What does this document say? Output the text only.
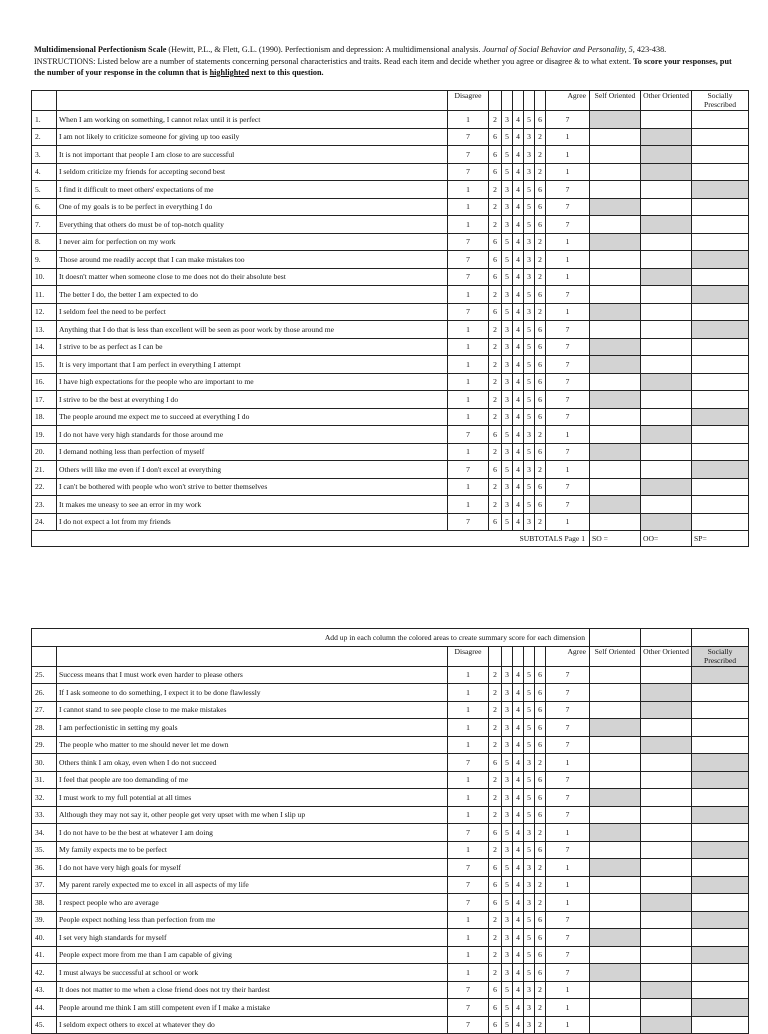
Multidimensional Perfectionism Scale (Hewitt, P.L., & Flett, G.L. (1990). Perfectionism and depression: A multidimensional analysis. Journal of Social Behavior and Personality, 5, 423-438.

INSTRUCTIONS: Listed below are a number of statements concerning personal characteristics and traits. Read each item and decide whether you agree or disagree & to what extent. To score your responses, put the number of your response in the column that is highlighted next to this question.

		Disagree						Agree	Self Oriented	Other Oriented	Socially Prescribed
1.	When I am working on something, I cannot relax until it is perfect	1	2	3	4	5	6	7			
2.	I am not likely to criticize someone for giving up too easily	7	6	5	4	3	2	1			
3.	It is not important that people I am close to are successful	7	6	5	4	3	2	1			
4.	I seldom criticize my friends for accepting second best	7	6	5	4	3	2	1			
5.	I find it difficult to meet others' expectations of me	1	2	3	4	5	6	7			
6.	One of my goals is to be perfect in everything I do	1	2	3	4	5	6	7			
7.	Everything that others do must be of top-notch quality	1	2	3	4	5	6	7			
8.	I never aim for perfection on my work	7	6	5	4	3	2	1			
9.	Those around me readily accept that I can make mistakes too	7	6	5	4	3	2	1			
10.	It doesn't matter when someone close to me does not do their absolute best	7	6	5	4	3	2	1			
11.	The better I do, the better I am expected to do	1	2	3	4	5	6	7			
12.	I seldom feel the need to be perfect	7	6	5	4	3	2	1			
13.	Anything that I do that is less than excellent will be seen as poor work by those around me	1	2	3	4	5	6	7			
14.	I strive to be as perfect as I can be	1	2	3	4	5	6	7			
15.	It is very important that I am perfect in everything I attempt	1	2	3	4	5	6	7			
16.	I have high expectations for the people who are important to me	1	2	3	4	5	6	7			
17.	I strive to be the best at everything I do	1	2	3	4	5	6	7			
18.	The people around me expect me to succeed at everything I do	1	2	3	4	5	6	7			
19.	I do not have very high standards for those around me	7	6	5	4	3	2	1			
20.	I demand nothing less than perfection of myself	1	2	3	4	5	6	7			
21.	Others will like me even if I don't excel at everything	7	6	5	4	3	2	1			
22.	I can't be bothered with people who won't strive to better themselves	1	2	3	4	5	6	7			
23.	It makes me uneasy to see an error in my work	1	2	3	4	5	6	7			
24.	I do not expect a lot from my friends	7	6	5	4	3	2	1			
SUBTOTALS Page 1									SO =	OO=	SP=
Add up in each column the colored areas to create summary score for each dimension											
		Disagree						Agree	Self Oriented	Other Oriented	Socially Prescribed
25.	Success means that I must work even harder to please others	1	2	3	4	5	6	7			
26.	If I ask someone to do something, I expect it to be done flawlessly	1	2	3	4	5	6	7			
27.	I cannot stand to see people close to me make mistakes	1	2	3	4	5	6	7			
28.	I am perfectionistic in setting my goals	1	2	3	4	5	6	7			
29.	The people who matter to me should never let me down	1	2	3	4	5	6	7			
30.	Others think I am okay, even when I do not succeed	7	6	5	4	3	2	1			
31.	I feel that people are too demanding of me	1	2	3	4	5	6	7			
32.	I must work to my full potential at all times	1	2	3	4	5	6	7			
33.	Although they may not say it, other people get very upset with me when I slip up	1	2	3	4	5	6	7			
34.	I do not have to be the best at whatever I am doing	7	6	5	4	3	2	1			
35.	My family expects me to be perfect	1	2	3	4	5	6	7			
36.	I do not have very high goals for myself	7	6	5	4	3	2	1			
37.	My parent rarely expected me to excel in all aspects of my life	7	6	5	4	3	2	1			
38.	I respect people who are average	7	6	5	4	3	2	1			
39.	People expect nothing less than perfection from me	1	2	3	4	5	6	7			
40.	I set very high standards for myself	1	2	3	4	5	6	7			
41.	People expect more from me than I am capable of giving	1	2	3	4	5	6	7			
42.	I must always be successful at school or work	1	2	3	4	5	6	7			
43.	It does not matter to me when a close friend does not try their hardest	7	6	5	4	3	2	1			
44.	People around me think I am still competent even if I make a mistake	7	6	5	4	3	2	1			
45.	I seldom expect others to excel at whatever they do	7	6	5	4	3	2	1			
